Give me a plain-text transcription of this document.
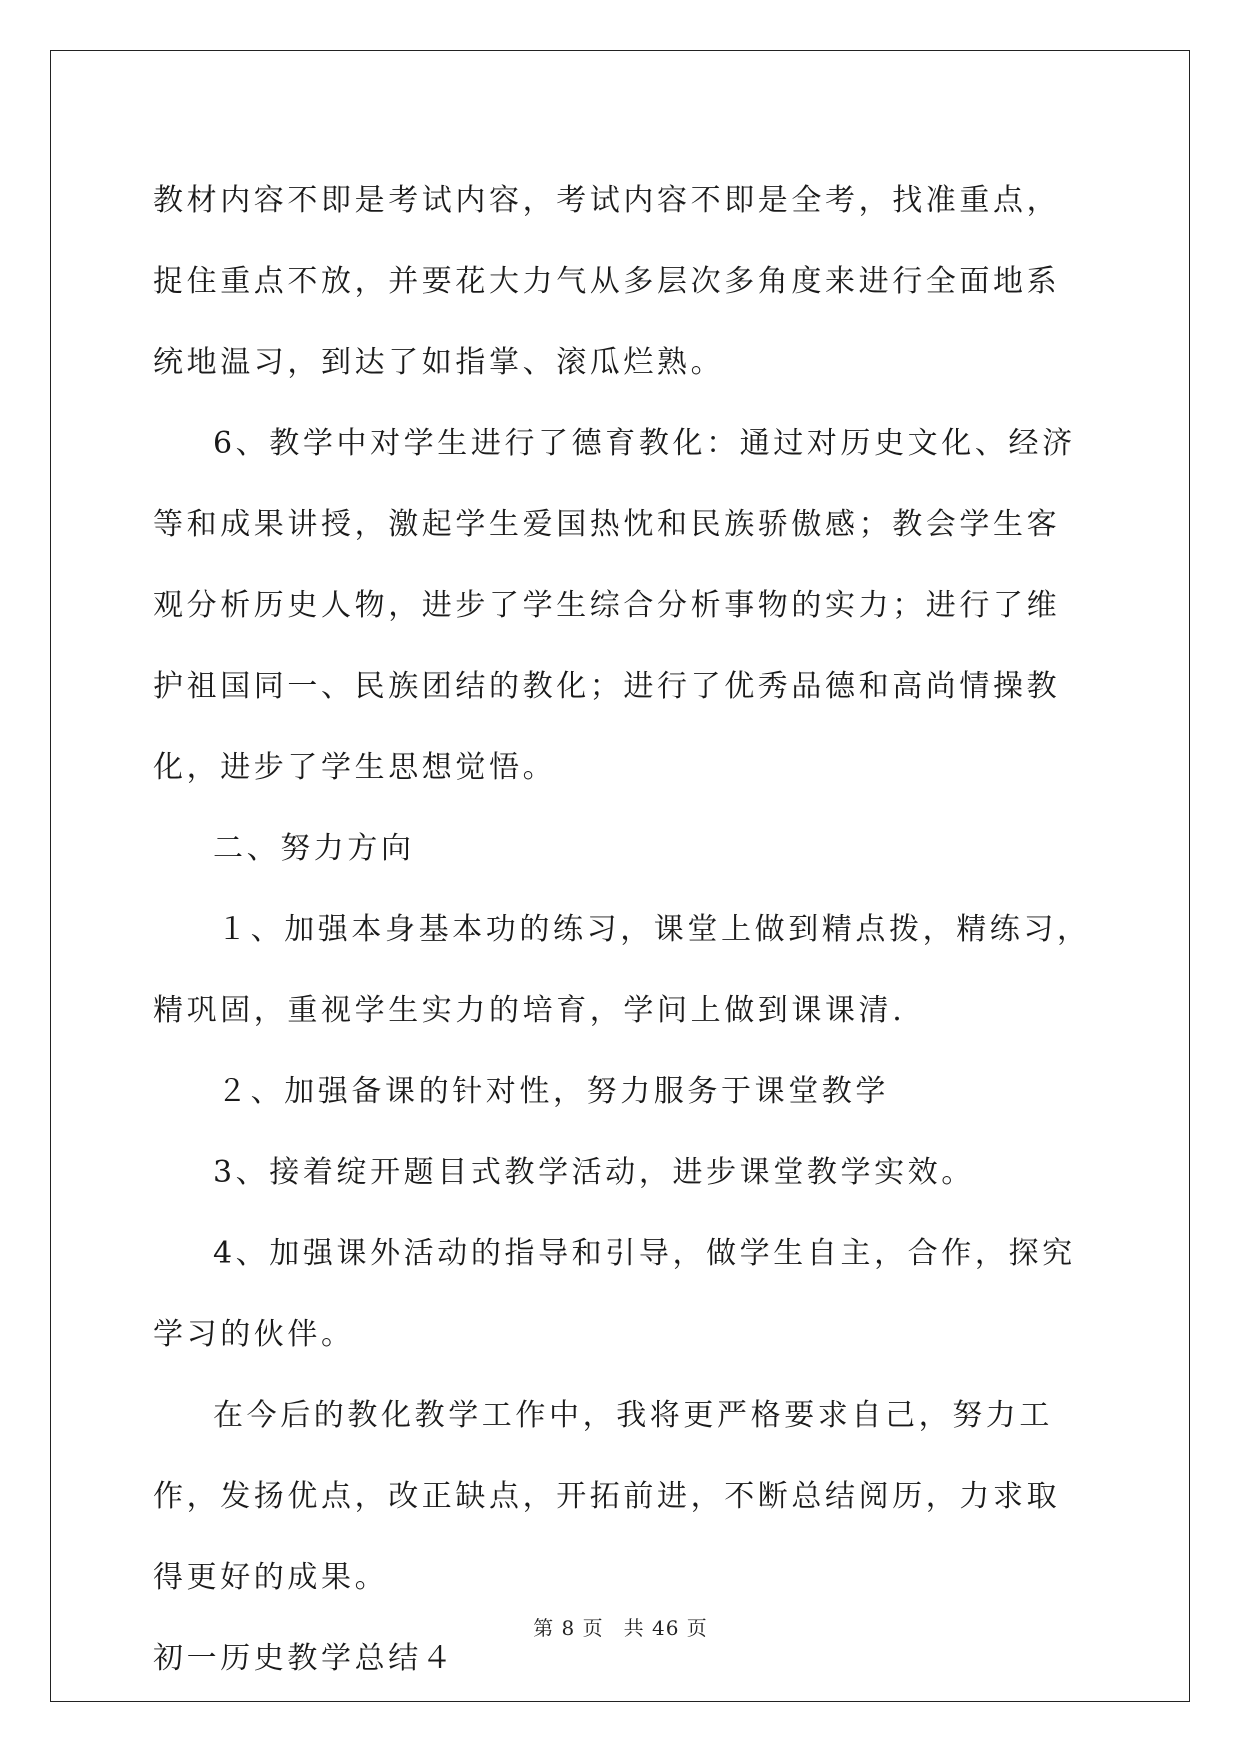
教材内容不即是考试内容，考试内容不即是全考，找准重点，捉住重点不放，并要花大力气从多层次多角度来进行全面地系统地温习，到达了如指掌、滚瓜烂熟。

6、教学中对学生进行了德育教化：通过对历史文化、经济等和成果讲授，激起学生爱国热忱和民族骄傲感；教会学生客观分析历史人物，进步了学生综合分析事物的实力；进行了维护祖国同一、民族团结的教化；进行了优秀品德和高尚情操教化，进步了学生思想觉悟。

二、努力方向

１、加强本身基本功的练习，课堂上做到精点拨，精练习，精巩固，重视学生实力的培育，学问上做到课课清.

２、加强备课的针对性，努力服务于课堂教学

3、接着绽开题目式教学活动，进步课堂教学实效。

4、加强课外活动的指导和引导，做学生自主，合作，探究学习的伙伴。

在今后的教化教学工作中，我将更严格要求自己，努力工作，发扬优点，改正缺点，开拓前进，不断总结阅历，力求取得更好的成果。

初一历史教学总结４

第 8 页 共 46 页
